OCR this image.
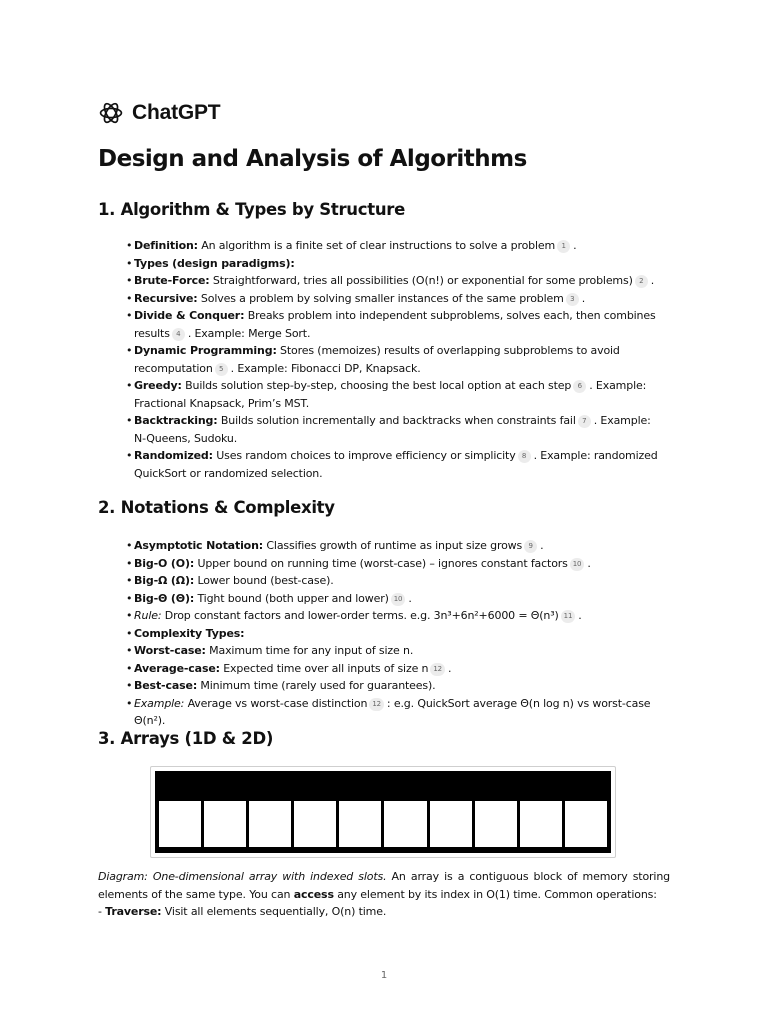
ChatGPT
Design and Analysis of Algorithms
1. Algorithm & Types by Structure
• Definition: An algorithm is a finite set of clear instructions to solve a problem 1 .
• Types (design paradigms):
• Brute-Force: Straightforward, tries all possibilities (O(n!) or exponential for some problems) 2 .
• Recursive: Solves a problem by solving smaller instances of the same problem 3 .
• Divide & Conquer: Breaks problem into independent subproblems, solves each, then combines results 4 . Example: Merge Sort.
• Dynamic Programming: Stores (memoizes) results of overlapping subproblems to avoid recomputation 5 . Example: Fibonacci DP, Knapsack.
• Greedy: Builds solution step-by-step, choosing the best local option at each step 6 . Example: Fractional Knapsack, Prim’s MST.
• Backtracking: Builds solution incrementally and backtracks when constraints fail 7 . Example: N-Queens, Sudoku.
• Randomized: Uses random choices to improve efficiency or simplicity 8 . Example: randomized QuickSort or randomized selection.
2. Notations & Complexity
• Asymptotic Notation: Classifies growth of runtime as input size grows 9 .
• Big-O (O): Upper bound on running time (worst-case) – ignores constant factors 10 .
• Big-Ω (Ω): Lower bound (best-case).
• Big-Θ (Θ): Tight bound (both upper and lower) 10 .
• Rule: Drop constant factors and lower-order terms. e.g. 3n³+6n²+6000 = Θ(n³) 11 .
• Complexity Types:
• Worst-case: Maximum time for any input of size n.
• Average-case: Expected time over all inputs of size n 12 .
• Best-case: Minimum time (rarely used for guarantees).
• Example: Average vs worst-case distinction 12 : e.g. QuickSort average Θ(n log n) vs worst-case Θ(n²).
3. Arrays (1D & 2D)

Diagram: One-dimensional array with indexed slots. An array is a contiguous block of memory storing elements of the same type. You can access any element by its index in O(1) time. Common operations:
- Traverse: Visit all elements sequentially, O(n) time.

1
